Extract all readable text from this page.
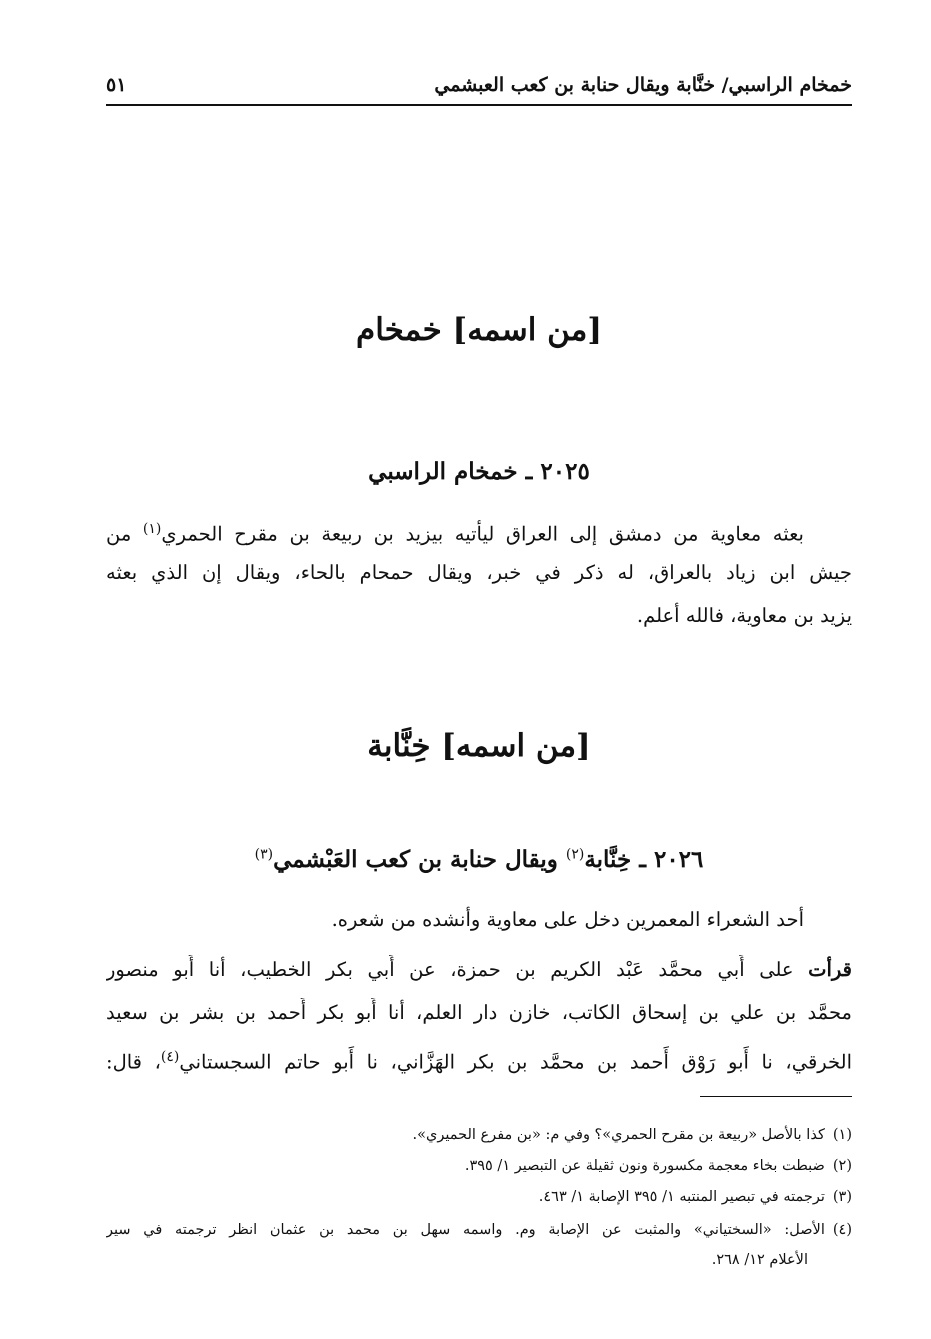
خمخام الراسبي/ خنَّابة ويقال حنابة بن كعب العبشمي
٥١
[من اسمه] خمخام
٢٠٢٥ ـ خمخام الراسبي
بعثه معاوية من دمشق إلى العراق ليأتيه بيزيد بن ربيعة بن مقرح الحمري$^{(١)}$ من
جيش ابن زياد بالعراق، له ذكر في خبر، ويقال حمحام بالحاء، ويقال إن الذي بعثه
يزيد بن معاوية، فالله أعلم.
[من اسمه] خِنَّابة
٢٠٢٦ ـ خِنَّابة$^{(٢)}$ ويقال حنابة بن كعب العَبْشمي$^{(٣)}$
أحد الشعراء المعمرين دخل على معاوية وأنشده من شعره.
قرأت على أَبي محمَّد عَبْد الكريم بن حمزة، عن أَبي بكر الخطيب، أنا أَبو منصور
محمَّد بن علي بن إسحاق الكاتب، خازن دار العلم، أنا أَبو بكر أَحمد بن بشر بن سعيد
الخرقي، نا أَبو رَوْق أَحمد بن محمَّد بن بكر الهَزَّاني، نا أَبو حاتم السجستاني$^{(٤)}$، قال:
(١)كذا بالأصل «ربيعة بن مقرح الحمري»؟ وفي م: «بن مفرع الحميري».
(٢)ضبطت بخاء معجمة مكسورة ونون ثقيلة عن التبصير ١/ ٣٩٥.
(٣)ترجمته في تبصير المنتبه ١/ ٣٩٥ الإصابة ١/ ٤٦٣.
(٤)الأصل: «السختياني» والمثبت عن الإصابة وم. واسمه سهل بن محمد بن عثمان انظر ترجمته في سير
الأعلام ١٢/ ٢٦٨.
